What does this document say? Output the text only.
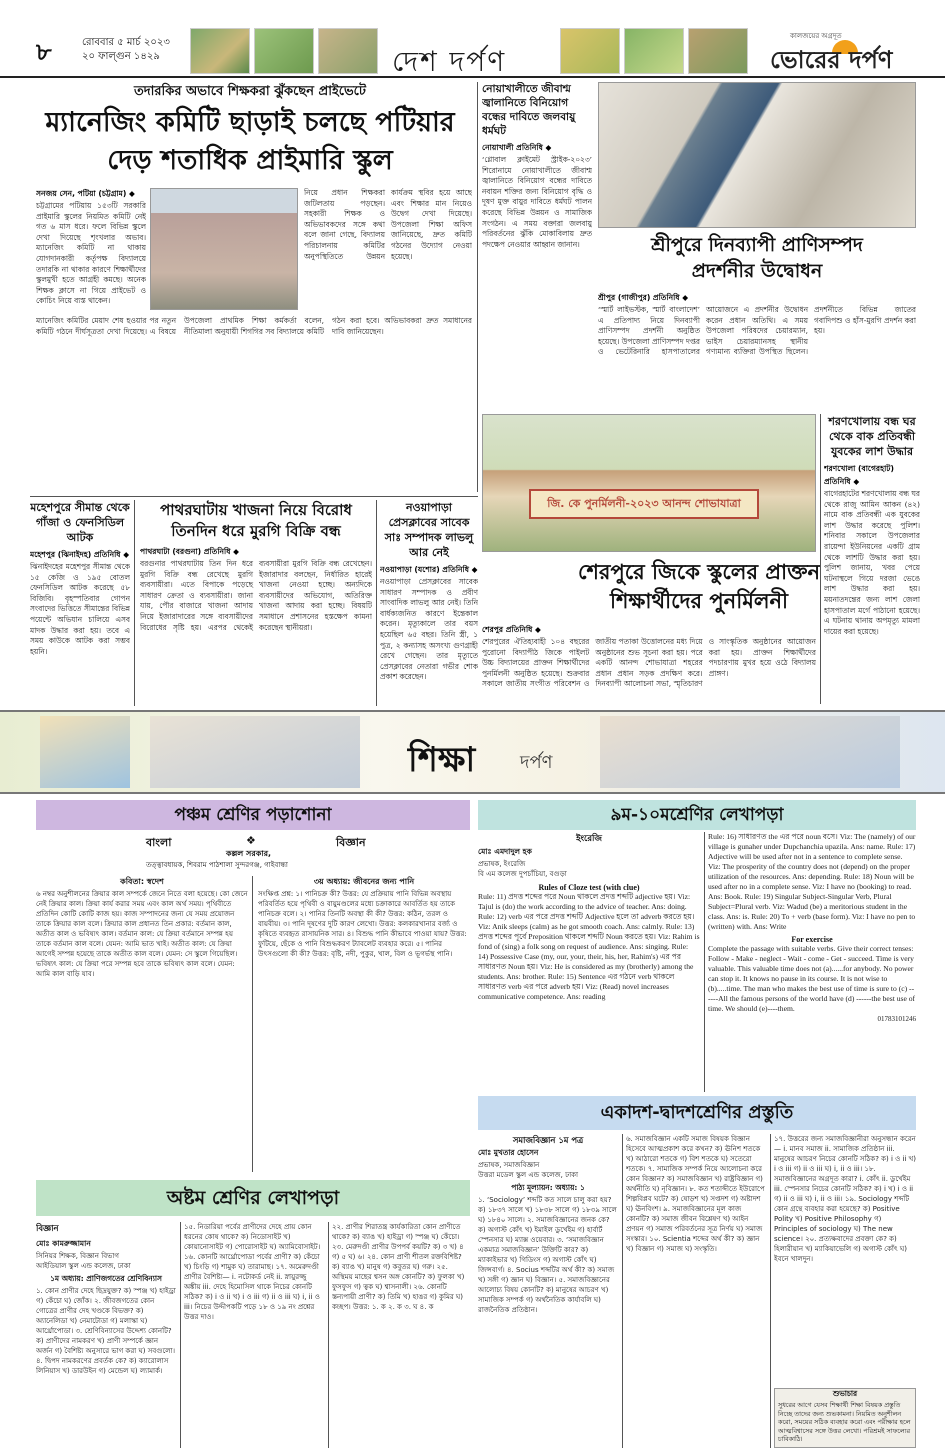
৮	রোববার ৫ মার্চ ২০২৩
২০ ফাল্গুন ১৪২৯	দেশ দর্পণ
কালজয়ের অগ্রদূত
ভোরের দর্পণ
তদারকির অভাবে শিক্ষকরা ঝুঁকছেন প্রাইভেটে
ম্যানেজিং কমিটি ছাড়াই চলছে পটিয়ার
দেড় শতাধিক প্রাইমারি স্কুল
সনজয় সেন, পটিয়া (চট্টগ্রাম) ◆
চট্টগ্রামের পটিয়ায় ১৫৩টি সরকারি প্রাইমারি স্কুলের নিয়মিত কমিটি নেই গত ৬ মাস ধরে। ফলে বিভিন্ন স্কুলে দেখা দিয়েছে শৃংখলার অভাব। ম্যানেজিং কমিটি না থাকায় যোগদানকারী কর্তৃপক্ষ বিদ্যালয়ে তদারকি না থাকার কারণে শিক্ষার্থীদের স্কুলমুখী হতে আগ্রহী কমছে। অনেক শিক্ষক ক্লাসে না গিয়ে প্রাইভেট ও কোচিং নিয়ে ব্যস্ত থাকেন।
নিয়ে প্রধান শিক্ষকরা জটিলতায় পড়ছেন। সহকারী শিক্ষক ও অভিভাবকদের সঙ্গে কথা বলে জানা গেছে, বিদ্যালয় পরিচালনায় কমিটির অনুপস্থিতিতে উন্নয়ন কার্যক্রম স্থবির হয়ে আছে এবং শিক্ষার মান নিয়েও উদ্বেগ দেখা দিয়েছে। উপজেলা শিক্ষা অফিস জানিয়েছে, দ্রুত কমিটি গঠনের উদ্যোগ নেওয়া হয়েছে।
ম্যানেজিং কমিটির মেয়াদ শেষ হওয়ার পর নতুন কমিটি গঠনে দীর্ঘসূত্রতা দেখা দিয়েছে। এ বিষয়ে উপজেলা প্রাথমিক শিক্ষা কর্মকর্তা বলেন, নীতিমালা অনুযায়ী শিগগির সব বিদ্যালয়ে কমিটি গঠন করা হবে। অভিভাবকরা দ্রুত সমাধানের দাবি জানিয়েছেন।
নোয়াখালীতে জীবাশ্ম জ্বালানিতে বিনিয়োগ বন্ধের দাবিতে জলবায়ু ধর্মঘট
নোয়াখালী প্রতিনিধি ◆
‘গ্লোবাল ক্লাইমেট স্ট্রাইক-২০২৩’ শিরোনামে নোয়াখালীতে জীবাশ্ম জ্বালানিতে বিনিয়োগ বন্ধের দাবিতে নবায়ন শক্তির জন্য বিনিয়োগ বৃদ্ধি ও দূষণ মুক্ত বায়ুর দাবিতে ধর্মঘট পালন করেছে বিভিন্ন উন্নয়ন ও সামাজিক সংগঠন। এ সময় বক্তারা জলবায়ু পরিবর্তনের ঝুঁকি মোকাবিলায় দ্রুত পদক্ষেপ নেওয়ার আহ্বান জানান।	শ্রীপুরে দিনব্যাপী প্রাণিসম্পদ
প্রদর্শনীর উদ্বোধন
শ্রীপুর (গাজীপুর) প্রতিনিধি ◆
‘স্মার্ট লাইভস্টক, স্মার্ট বাংলাদেশ’ এ প্রতিপাদ্য নিয়ে দিনব্যাপী প্রাণিসম্পদ প্রদর্শনী অনুষ্ঠিত হয়েছে। উপজেলা প্রাণিসম্পদ দপ্তর ও ভেটেরিনারি হাসপাতালের আয়োজনে এ প্রদর্শনীর উদ্বোধন করেন প্রধান অতিথি। এ সময় উপজেলা পরিষদের চেয়ারম্যান, ভাইস চেয়ারম্যানসহ স্থানীয় গণ্যমান্য ব্যক্তিরা উপস্থিত ছিলেন। প্রদর্শনীতে বিভিন্ন জাতের গবাদিপশু ও হাঁস-মুরগি প্রদর্শন করা হয়।
জি. কে পুনর্মিলনী-২০২৩ আনন্দ শোভাযাত্রা
শেরপুরে জিকে স্কুলের প্রাক্তন
শিক্ষার্থীদের পুনর্মিলনী
শেরপুর প্রতিনিধি ◆
শেরপুরের ঐতিহ্যবাহী ১০৪ বছরের পুরোনো বিদ্যাপীঠ জিকে পাইলট উচ্চ বিদ্যালয়ের প্রাক্তন শিক্ষার্থীদের পুনর্মিলনী অনুষ্ঠিত হয়েছে। শুক্রবার সকালে জাতীয় সংগীত পরিবেশন ও জাতীয় পতাকা উত্তোলনের মধ্য দিয়ে অনুষ্ঠানের শুভ সূচনা করা হয়। পরে একটি আনন্দ শোভাযাত্রা শহরের প্রধান প্রধান সড়ক প্রদক্ষিণ করে। দিনব্যাপী আলোচনা সভা, স্মৃতিচারণ ও সাংস্কৃতিক অনুষ্ঠানের আয়োজন করা হয়। প্রাক্তন শিক্ষার্থীদের পদচারণায় মুখর হয়ে ওঠে বিদ্যালয় প্রাঙ্গণ।
শরণখোলায় বন্ধ ঘর থেকে বাক প্রতিবন্ধী যুবকের লাশ উদ্ধার
শরণখোলা (বাগেরহাট) প্রতিনিধি ◆
বাগেরহাটের শরণখোলায় বন্ধ ঘর থেকে রাজু আমিন আকন (৪২) নামে বাক প্রতিবন্ধী এক যুবকের লাশ উদ্ধার করেছে পুলিশ। শনিবার সকালে উপজেলার রায়েন্দা ইউনিয়নের একটি গ্রাম থেকে লাশটি উদ্ধার করা হয়। পুলিশ জানায়, খবর পেয়ে ঘটনাস্থলে গিয়ে দরজা ভেঙে লাশ উদ্ধার করা হয়। ময়নাতদন্তের জন্য লাশ জেলা হাসপাতাল মর্গে পাঠানো হয়েছে। এ ঘটনায় থানায় অপমৃত্যু মামলা দায়ের করা হয়েছে।
মহেশপুরে সীমান্ত থেকে গাঁজা ও ফেনসিডিল আটক
মহেশপুর (ঝিনাইদহ) প্রতিনিধি ◆
ঝিনাইদহের মহেশপুর সীমান্ত থেকে ১৫ কেজি ও ১৯৫ বোতল ফেনসিডিল আটক করেছে ৫৮ বিজিবি। বৃহস্পতিবার গোপন সংবাদের ভিত্তিতে সীমান্তের বিভিন্ন পয়েন্টে অভিযান চালিয়ে এসব মাদক উদ্ধার করা হয়। তবে এ সময় কাউকে আটক করা সম্ভব হয়নি।
পাথরঘাটায় খাজনা নিয়ে বিরোধ
তিনদিন ধরে মুরগি বিক্রি বন্ধ
পাথরঘাটা (বরগুনা) প্রতিনিধি ◆
বরগুনার পাথরঘাটায় তিন দিন ধরে মুরগি বিক্রি বন্ধ রেখেছে মুরগি ব্যবসায়ীরা। এতে বিপাকে পড়েছে সাধারণ ক্রেতা ও ব্যবসায়ীরা। জানা যায়, পৌর বাজারে খাজনা আদায় নিয়ে ইজারাদারের সঙ্গে ব্যবসায়ীদের বিরোধের সৃষ্টি হয়। এরপর থেকেই ব্যবসায়ীরা মুরগি বিক্রি বন্ধ রেখেছেন। ইজারাদার বলছেন, নির্ধারিত হারেই খাজনা নেওয়া হচ্ছে। অন্যদিকে ব্যবসায়ীদের অভিযোগ, অতিরিক্ত খাজনা আদায় করা হচ্ছে। বিষয়টি সমাধানে প্রশাসনের হস্তক্ষেপ কামনা করেছেন স্থানীয়রা।
নওয়াপাড়া প্রেসক্লাবের সাবেক সাঃ সম্পাদক লাভলু আর নেই
নওয়াপাড়া (যশোর) প্রতিনিধি ◆
নওয়াপাড়া প্রেসক্লাবের সাবেক সাধারণ সম্পাদক ও প্রবীণ সাংবাদিক লাভলু আর নেই। তিনি বার্ধক্যজনিত কারণে ইন্তেকাল করেন। মৃত্যুকালে তার বয়স হয়েছিল ৬৫ বছর। তিনি স্ত্রী, ১ পুত্র, ২ কন্যাসহ অসংখ্য গুণগ্রাহী রেখে গেছেন। তার মৃত্যুতে প্রেসক্লাবের নেতারা গভীর শোক প্রকাশ করেছেন।
শিক্ষা দর্পণ
পঞ্চম শ্রেণির পড়াশোনা
বাংলা	❖	বিজ্ঞান
কল্লল সরকার,
তত্ত্বাবধায়ক, শিবরাম পাঠশালা সুন্দরগঞ্জ, গাইবান্ধা
কবিতা: স্বদেশ
৬ নম্বর অনুশীলনের ক্রিয়ার কাল সম্পর্কে জেনে নিতে বলা হয়েছে। কো জেনে নেই ক্রিয়ার কাল। ক্রিয়া কার্য করার সময় এবং কাল অর্থ সময়। পৃথিবীতে প্রতিদিন কোটি কোটি কাজ হয়। কাজ সম্পাদনের জন্য যে সময় প্রয়োজন তাকে ক্রিয়ার কাল বলে। ক্রিয়ার কাল প্রধানত তিন প্রকার: বর্তমান কাল, অতীত কাল ও ভবিষ্যৎ কাল। বর্তমান কাল: যে ক্রিয়া বর্তমানে সম্পন্ন হয় তাকে বর্তমান কাল বলে। যেমন: আমি ভাত খাই। অতীত কাল: যে ক্রিয়া আগেই সম্পন্ন হয়েছে তাকে অতীত কাল বলে। যেমন: সে স্কুলে গিয়েছিল। ভবিষ্যৎ কাল: যে ক্রিয়া পরে সম্পন্ন হবে তাকে ভবিষ্যৎ কাল বলে। যেমন: আমি কাল বাড়ি যাব।
৩য় অধ্যায়: জীবনের জন্য পানি
সংক্ষিপ্ত প্রশ্ন: ১। পানিচক্র কী? উত্তর: যে প্রক্রিয়ায় পানি বিভিন্ন অবস্থায় পরিবর্তিত হয়ে পৃথিবী ও বায়ুমণ্ডলের মধ্যে চক্রাকারে আবর্তিত হয় তাকে পানিচক্র বলে। ২। পানির তিনটি অবস্থা কী কী? উত্তর: কঠিন, তরল ও বায়বীয়। ৩। পানি দূষণের দুটি কারণ লেখো। উত্তর: কলকারখানার বর্জ্য ও কৃষিতে ব্যবহৃত রাসায়নিক সার। ৪। বিশুদ্ধ পানি কীভাবে পাওয়া যায়? উত্তর: ফুটিয়ে, ছেঁকে ও পানি বিশুদ্ধকরণ ট্যাবলেট ব্যবহার করে। ৫। পানির উৎসগুলো কী কী? উত্তর: বৃষ্টি, নদী, পুকুর, খাল, বিল ও ভূগর্ভস্থ পানি।
অষ্টম শ্রেণির লেখাপড়া
বিজ্ঞান
মোঃ কামরুজ্জামান
সিনিয়র শিক্ষক, বিজ্ঞান বিভাগ
আইডিয়াল স্কুল এন্ড কলেজ, ঢাকা
১ম অধ্যায়: প্রাণিজগতের শ্রেণিবিন্যাস
১. কোন প্রাণীর দেহে ছিদ্রযুক্ত? ক) স্পঞ্জ খ) হাইড্রা গ) কেঁচো ঘ) জোঁক। ২. জীবজগতের কোন গোত্রের প্রাণীর দেহ খণ্ডকে বিভক্ত? ক) অ্যানেলিডা খ) নেমাটোডা গ) মলাস্কা ঘ) আর্থ্রোপোডা। ৩. শ্রেণিবিন্যাসের উদ্দেশ্য কোনটি? ক) প্রাণীদের নামকরণ খ) প্রাণী সম্পর্কে জ্ঞান অর্জন গ) বৈশিষ্ট্য অনুসারে ভাগ করা ঘ) সবগুলো। ৪. দ্বিপদ নামকরণের প্রবর্তক কে? ক) ক্যারোলাস লিনিয়াস খ) ডারউইন গ) মেন্ডেল ঘ) ল্যামার্ক।
১৫. নিডারিয়া পর্বের প্রাণীদের দেহে প্রায় কোন ধরনের কোষ থাকে? ক) নিডোসাইট খ) কোয়ানোসাইট গ) পোরোসাইট ঘ) অ্যামিবোসাইট। ১৬. কোনটি আর্থ্রোপোডা পর্বের প্রাণী? ক) কেঁচো খ) চিংড়ি গ) শামুক ঘ) তারামাছ। ১৭. অমেরুদণ্ডী প্রাণীর বৈশিষ্ট্য— i. নটোকর্ড নেই ii. স্নায়ুরজ্জু অঙ্কীয় iii. দেহে হিমোসিল থাকে নিচের কোনটি সঠিক? ক) i ও ii খ) i ও iii গ) ii ও iii ঘ) i, ii ও iii। নিচের উদ্দীপকটি পড়ে ১৮ ও ১৯ নং প্রশ্নের উত্তর দাও।
২২. প্রাণীর শিরাতন্ত্র কার্যকারিতা কোন প্রাণীতে থাকে? ক) ব্যাঙ খ) হাইড্রা গ) স্পঞ্জ ঘ) কেঁচো। ২৩. মেরুদণ্ডী প্রাণীর উপপর্ব কয়টি? ক) ৩ খ) ৪ গ) ৫ ঘ) ৬। ২৪. কোন প্রাণী শীতল রক্তবিশিষ্ট? ক) ব্যাঙ খ) মানুষ গ) কবুতর ঘ) গরু। ২৫. অস্থিময় মাছের শ্বসন অঙ্গ কোনটি? ক) ফুলকা খ) ফুসফুস গ) ত্বক ঘ) শ্বাসনালী। ২৬. কোনটি স্তন্যপায়ী প্রাণী? ক) তিমি খ) হাঙর গ) কুমির ঘ) কচ্ছপ। উত্তর: ১. ক ২. ক ৩. ঘ ৪. ক
৯ম-১০মশ্রেণির লেখাপড়া
ইংরেজি
মোঃ এমদাদুল হক
প্রভাষক, ইংরেজি
বি এম কলেজ দুপচাঁচিয়া, বগুড়া
Rules of Cloze test (with clue)
Rule: 11) প্রদত্ত শব্দের পরে Noun থাকলে প্রদত্ত শব্দটি adjective হয়। Viz: Tajul is (do) the work according to the advice of teacher. Ans: doing. Rule: 12) verb এর পরে প্রদত্ত শব্দটি Adjective হলে তা adverb করতে হয়। Viz: Anik sleeps (calm) as he got smooth coach. Ans: calmly. Rule: 13) প্রদত্ত শব্দের পূর্বে Preposition থাকলে শব্দটি Noun করতে হয়। Viz: Rahim is fond of (sing) a folk song on request of audience. Ans: singing. Rule: 14) Possessive Case (my, our, your, their, his, her, Rahim's) এর পর সাধারণত Noun হয়। Viz: He is considered as my (brotherly) among the students. Ans: brother. Rule: 15) Sentence এর গঠনে verb থাকলে সাধারণত verb এর পরে adverb হয়। Viz: (Read) novel increases communicative competence. Ans: reading
Rule: 16) সাধারণত the এর পরে noun বসে। Viz: The (namely) of our village is gunaher under Dupchanchia upazila. Ans: name. Rule: 17) Adjective will be used after not in a sentence to complete sense. Viz: The prosperity of the country does not (depend) on the proper utilization of the resources. Ans: depending. Rule: 18) Noun will be used after no in a complete sense. Viz: I have no (booking) to read. Ans: Book. Rule: 19) Singular Subject-Singular Verb, Plural Subject=Plural verb. Viz: Wadud (be) a meritorious student in the class. Ans: is. Rule: 20) To + verb (base form). Viz: I have no pen to (written) with. Ans: Write
For exercise
Complete the passage with suitable verbs. Give their correct tenses: Follow - Make - neglect - Wait - come - Get - succeed. Time is very valuable. This valuable time does not (a)......for anybody. No power can stop it. It knows no pause in its course. It is not wise to (b).....time. The man who makes the best use of time is sure to (c) ------All the famous persons of the world have (d) ------the best use of time. We should (e)----them.
01783101246
একাদশ-দ্বাদশশ্রেণির প্রস্তুতি
সমাজবিজ্ঞান ১ম পত্র
মোঃ মুখতার হোসেন
প্রভাষক, সমাজবিজ্ঞান
উত্তরা মডেল স্কুল এন্ড কলেজ, ঢাকা
পাঠ্য মূল্যায়ন: অধ্যায়: ১
১. ‘Sociology’ শব্দটি কত সালে চালু করা হয়? ক) ১৮৩৭ সালে খ) ১৮৩৮ সালে গ) ১৮৩৯ সালে ঘ) ১৮৪০ সালে। ২. সমাজবিজ্ঞানের জনক কে? ক) অগাস্ট কোঁৎ খ) ইমাইল ডুর্খেইম গ) হার্বার্ট স্পেনসার ঘ) ম্যাক্স ওয়েবার। ৩. ‘সমাজবিজ্ঞান একমাত্র সমাজবিজ্ঞান’ উক্তিটি কার? ক) ম্যাকাইভার খ) গিডিংস গ) অগাস্ট কোঁৎ ঘ) জিন্সবার্গ। ৪. Socius শব্দটির অর্থ কী? ক) সমাজ খ) সঙ্গী গ) জ্ঞান ঘ) বিজ্ঞান। ৫. সমাজবিজ্ঞানের আলোচ্য বিষয় কোনটি? ক) মানুষের আচরণ খ) সামাজিক সম্পর্ক গ) অর্থনৈতিক কার্যাবলি ঘ) রাজনৈতিক প্রতিষ্ঠান।
৬. সমাজবিজ্ঞান একটি সমাজ বিষয়ক বিজ্ঞান হিসেবে আত্মপ্রকাশ করে কখন? ক) ঊনিশ শতকে খ) আঠারো শতকে গ) বিশ শতকে ঘ) সতেরো শতকে। ৭. সামাজিক সম্পর্ক নিয়ে আলোচনা করে কোন বিজ্ঞান? ক) সমাজবিজ্ঞান খ) রাষ্ট্রবিজ্ঞান গ) অর্থনীতি ঘ) নৃবিজ্ঞান। ৮. কত শতাব্দীতে ইউরোপে শিল্পবিপ্লব ঘটে? ক) ষোড়শ খ) সপ্তদশ গ) অষ্টাদশ ঘ) ঊনবিংশ। ৯. সমাজবিজ্ঞানের মূল কাজ কোনটি? ক) সমাজ জীবন বিশ্লেষণ খ) আইন প্রণয়ন গ) সমাজ পরিবর্তনের সূত্র নির্ণয় ঘ) সমাজ সংস্কার। ১০. Scientia শব্দের অর্থ কী? ক) জ্ঞান খ) বিজ্ঞান গ) সমাজ ঘ) সংস্কৃতি।
১৭. উত্তরের জন্য সমাজবিজ্ঞানীরা অনুসন্ধান করেন— i. মানব সমাজ ii. সামাজিক প্রতিষ্ঠান iii. মানুষের আচরণ নিচের কোনটি সঠিক? ক) i ও ii খ) i ও iii গ) ii ও iii ঘ) i, ii ও iii। ১৮. সমাজবিজ্ঞানের অগ্রদূত কারা? i. কোঁৎ ii. ডুর্খেইম iii. স্পেনসার নিচের কোনটি সঠিক? ক) i খ) i ও ii গ) ii ও iii ঘ) i, ii ও iii। ১৯. Sociology শব্দটি কোন গ্রন্থে ব্যবহার করা হয়েছে? ক) Positive Polity খ) Positive Philosophy গ) Principles of sociology ঘ) The new science। ২০. প্রত্যক্ষবাদের প্রবক্তা কে? ক) হিলারীয়ান খ) ম্যাকিয়াভেলি গ) অগাস্ট কোঁৎ ঘ) ইবনে খালদুন।
শুভাচার
সুধরের আগে যেসব শিক্ষার্থী শিক্ষা বিষয়ক প্রস্তুতি নিচ্ছে তাদের জন্য শুভকামনা। নিয়মিত অনুশীলন করো, সময়ের সঠিক ব্যবহার করো এবং পরীক্ষার হলে আত্মবিশ্বাসের সঙ্গে উত্তর লেখো। পরিশ্রমই সাফল্যের চাবিকাঠি।
